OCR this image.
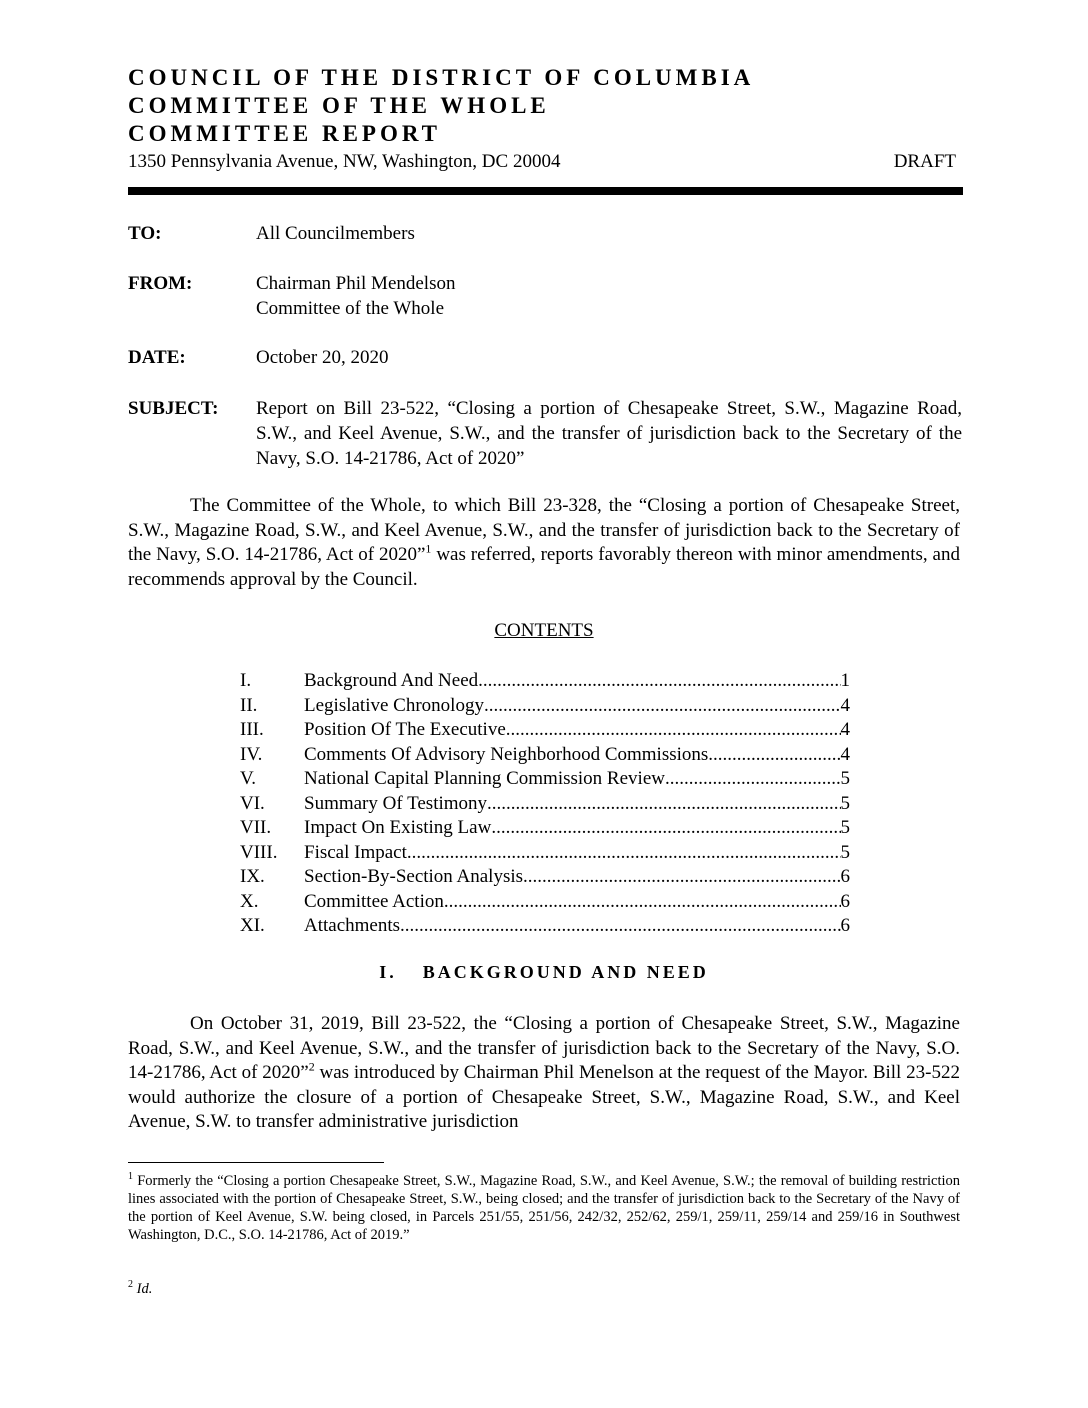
COUNCIL OF THE DISTRICT OF COLUMBIA
COMMITTEE OF THE WHOLE
COMMITTEE REPORT
1350 Pennsylvania Avenue, NW, Washington, DC 20004	DRAFT
TO:	All Councilmembers
FROM:	Chairman Phil Mendelson
Committee of the Whole
DATE:	October 20, 2020
SUBJECT: Report on Bill 23-522, “Closing a portion of Chesapeake Street, S.W., Magazine Road, S.W., and Keel Avenue, S.W., and the transfer of jurisdiction back to the Secretary of the Navy, S.O. 14-21786, Act of 2020”
The Committee of the Whole, to which Bill 23-328, the “Closing a portion of Chesapeake Street, S.W., Magazine Road, S.W., and Keel Avenue, S.W., and the transfer of jurisdiction back to the Secretary of the Navy, S.O. 14-21786, Act of 2020”$^1$ was referred, reports favorably thereon with minor amendments, and recommends approval by the Council.
CONTENTS
I.	Background And Need .....	1
II.	Legislative Chronology .....	4
III.	Position Of The Executive .....	4
IV.	Comments Of Advisory Neighborhood Commissions .....	4
V.	National Capital Planning Commission Review .....	5
VI.	Summary Of Testimony .....	5
VII.	Impact On Existing Law .....	5
VIII.	Fiscal Impact .....	5
IX.	Section-By-Section Analysis .....	6
X.	Committee Action .....	6
XI.	Attachments .....	6
I. BACKGROUND AND NEED
On October 31, 2019, Bill 23-522, the “Closing a portion of Chesapeake Street, S.W., Magazine Road, S.W., and Keel Avenue, S.W., and the transfer of jurisdiction back to the Secretary of the Navy, S.O. 14-21786, Act of 2020”$^2$ was introduced by Chairman Phil Menelson at the request of the Mayor. Bill 23-522 would authorize the closure of a portion of Chesapeake Street, S.W., Magazine Road, S.W., and Keel Avenue, S.W. to transfer administrative jurisdiction
$^1$ Formerly the “Closing a portion Chesapeake Street, S.W., Magazine Road, S.W., and Keel Avenue, S.W.; the removal of building restriction lines associated with the portion of Chesapeake Street, S.W., being closed; and the transfer of jurisdiction back to the Secretary of the Navy of the portion of Keel Avenue, S.W. being closed, in Parcels 251/55, 251/56, 242/32, 252/62, 259/1, 259/11, 259/14 and 259/16 in Southwest Washington, D.C., S.O. 14-21786, Act of 2019.”
$^2$ Id.
